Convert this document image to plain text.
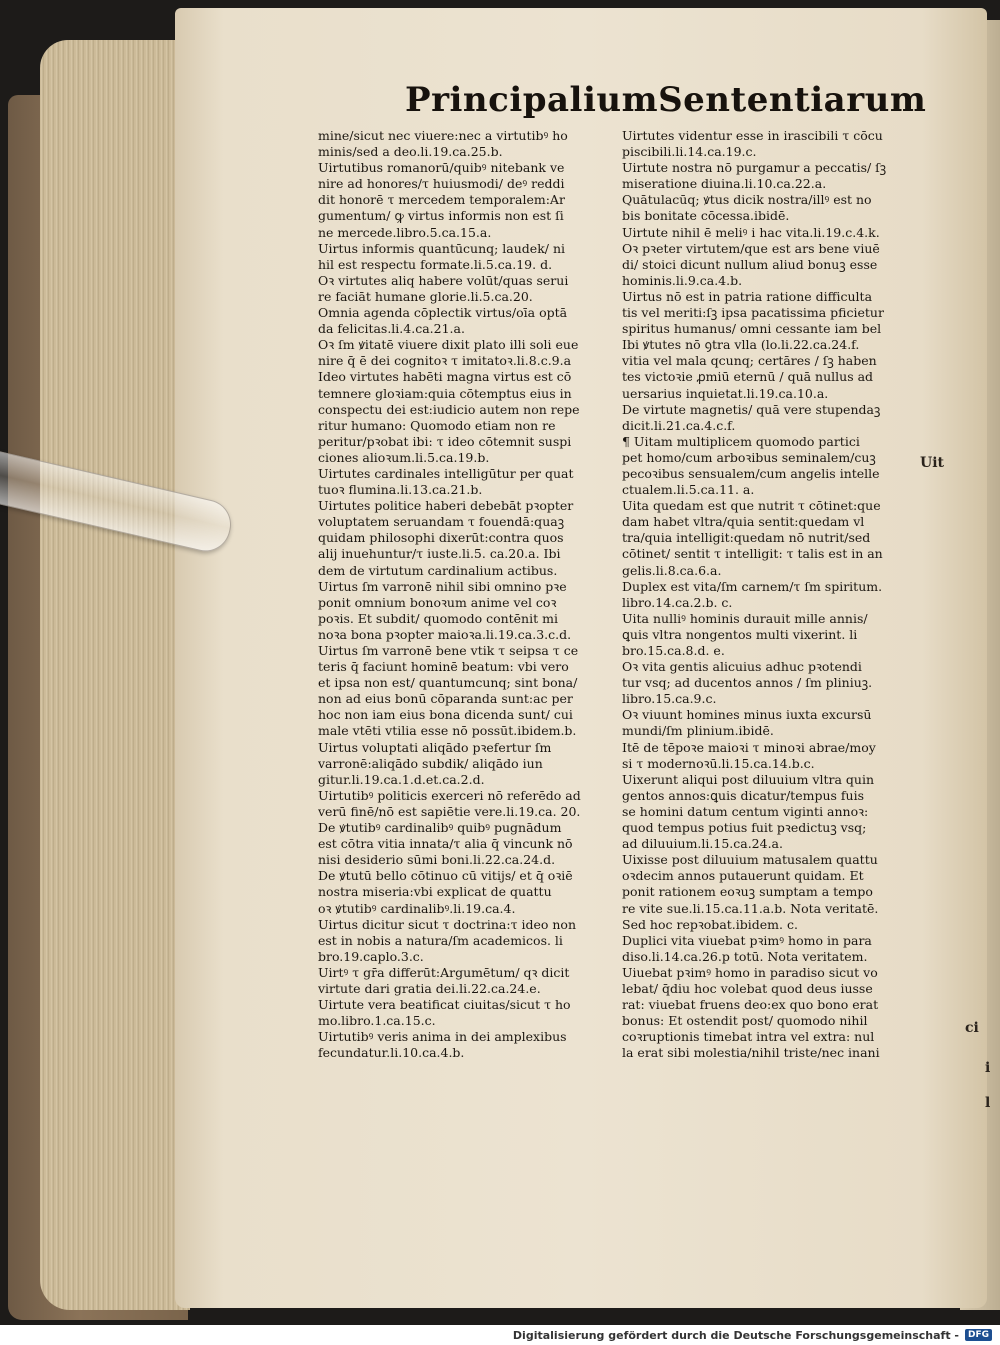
Principalium Sententiarum
mine/sicut nec viuere:nec a virtutibꝰ ho
minis/sed a deo.li.19.ca.25.b.
Uirtutibus romanorū/quibꝰ nitebank ve
nire ad honores/τ huiusmodi/ deꝰ reddi
dit honorē τ mercedem temporalem:Ar
gumentum/ ꝙ virtus informis non est ſi
ne mercede.libro.5.ca.15.a.
Uirtus informis quantūcunq; laudek/ ni
hil est respectu formate.li.5.ca.19. d.
Oꝛ virtutes aliq habere volūt/quas serui
re faciāt humane glorie.li.5.ca.20.
Omnia agenda cōplectik virtus/oīa optā
da felicitas.li.4.ca.21.a.
Oꝛ ſm ꝟitatē viuere dixit plato illi soli eue
nire q̄ ē dei cognitoꝛ τ imitatoꝛ.li.8.c.9.a
Ideo virtutes habēti magna virtus est cō
temnere gloꝛiam:quia cōtemptus eius in
conspectu dei est:iudicio autem non repe
ritur humano: Quomodo etiam non re
peritur/pꝛobat ibi: τ ideo cōtemnit suspi
ciones alioꝛum.li.5.ca.19.b.
Uirtutes cardinales intelligūtur per quat
tuoꝛ flumina.li.13.ca.21.b.
Uirtutes politice haberi debebāt pꝛopter
voluptatem seruandam τ fouendā:quaꝫ
quidam philosophi dixerūt:contra quos
alij inuehuntur/τ iuste.li.5. ca.20.a. Ibi
dem de virtutum cardinalium actibus.
Uirtus ſm varronē nihil sibi omnino pꝛe
ponit omnium bonoꝛum anime vel coꝛ
poꝛis. Et subdit/ quomodo contēnit mi
noꝛa bona pꝛopter maioꝛa.li.19.ca.3.c.d.
Uirtus ſm varronē bene vtik τ seipsa τ ce
teris q̄ faciunt hominē beatum: vbi vero
et ipsa non est/ quantumcunq; sint bona/
non ad eius bonū cōparanda sunt:ac per
hoc non iam eius bona dicenda sunt/ cui
male vtēti vtilia esse nō possūt.ibidem.b.
Uirtus voluptati aliqādo pꝛefertur ſm
varronē:aliqādo subdik/ aliqādo iun
gitur.li.19.ca.1.d.et.ca.2.d.
Uirtutibꝰ politicis exerceri nō referēdo ad
verū finē/nō est sapiētie vere.li.19.ca. 20.
De ꝟtutibꝰ cardinalibꝰ quibꝰ pugnādum
est cōtra vitia innata/τ alia q̄ vincunk nō
nisi desiderio sūmi boni.li.22.ca.24.d.
De ꝟtutū bello cōtinuo cū vitijs/ et q̄ oꝛiē
nostra miseria:vbi explicat de quattu
oꝛ ꝟtutibꝰ cardinalibꝰ.li.19.ca.4.
Uirtus dicitur sicut τ doctrina:τ ideo non
est in nobis a natura/ſm academicos. li
bro.19.caplo.3.c.
Uirtꝰ τ gr̄a differūt:Argumētum/ qꝛ dicit
virtute dari gratia dei.li.22.ca.24.e.
Uirtute vera beatificat ciuitas/sicut τ ho
mo.libro.1.ca.15.c.
Uirtutibꝰ veris anima in dei amplexibus
fecundatur.li.10.ca.4.b.
Uirtutes videntur esse in irascibili τ cōcu
piscibili.li.14.ca.19.c.
Uirtute nostra nō purgamur a peccatis/ ſꝫ
miseratione diuina.li.10.ca.22.a.
Quātulacūq; ꝟtus dicik nostra/illꝰ est no
bis bonitate cōcessa.ibidē.
Uirtute nihil ē meliꝰ i hac vita.li.19.c.4.k.
Oꝛ pꝛeter virtutem/que est ars bene viuē
di/ stoici dicunt nullum aliud bonuꝫ esse
hominis.li.9.ca.4.b.
Uirtus nō est in patria ratione difficulta
tis vel meriti:ſꝫ ipsa pacatissima pficietur
spiritus humanus/ omni cessante iam bel
Ibi ꝟtutes nō ꝯtra vlla (lo.li.22.ca.24.f.
vitia vel mala qcunq; certāres / ſꝫ haben
tes victoꝛie ꝓmiū eternū / quā nullus ad
uersarius inquietat.li.19.ca.10.a.
De virtute magnetis/ quā vere stupendaꝫ
dicit.li.21.ca.4.c.f.
¶ Uitam multiplicem quomodo partici
pet homo/cum arboꝛibus seminalem/cuꝫ
pecoꝛibus sensualem/cum angelis intelle
ctualem.li.5.ca.11. a.
Uita quedam est que nutrit τ cōtinet:que
dam habet vltra/quia sentit:quedam vl
tra/quia intelligit:quedam nō nutrit/sed
cōtinet/ sentit τ intelligit: τ talis est in an
gelis.li.8.ca.6.a.
Duplex est vita/ſm carnem/τ ſm spiritum.
libro.14.ca.2.b. c.
Uita nulliꝰ hominis durauit mille annis/
ꝗuis vltra nongentos multi vixerint. li
bro.15.ca.8.d. e.
Oꝛ vita gentis alicuius adhuc pꝛotendi
tur vsq; ad ducentos annos / ſm pliniuꝫ.
libro.15.ca.9.c.
Oꝛ viuunt homines minus iuxta excursū
mundi/ſm plinium.ibidē.
Itē de tēpoꝛe maioꝛi τ minoꝛi abrae/moy
si τ modernoꝛū.li.15.ca.14.b.c.
Uixerunt aliqui post diluuium vltra quin
gentos annos:ꝗuis dicatur/tempus fuis
se homini datum centum viginti annoꝛ:
quod tempus potius fuit pꝛedictuꝫ vsq;
ad diluuium.li.15.ca.24.a.
Uixisse post diluuium matusalem quattu
oꝛdecim annos putauerunt quidam. Et
ponit rationem eoꝛuꝫ sumptam a tempo
re vite sue.li.15.ca.11.a.b. Nota veritatē.
Sed hoc repꝛobat.ibidem. c.
Duplici vita viuebat pꝛimꝰ homo in para
diso.li.14.ca.26.p totū. Nota veritatem.
Uiuebat pꝛimꝰ homo in paradiso sicut vo
lebat/ q̄diu hoc volebat quod deus iusse
rat: viuebat fruens deo:ex quo bono erat
bonus: Et ostendit post/ quomodo nihil
coꝛruptionis timebat intra vel extra: nul
la erat sibi molestia/nihil triste/nec inani
Uit
ci
i
l
Digitalisierung gefördert durch die Deutsche Forschungsgemeinschaft -	DFG
